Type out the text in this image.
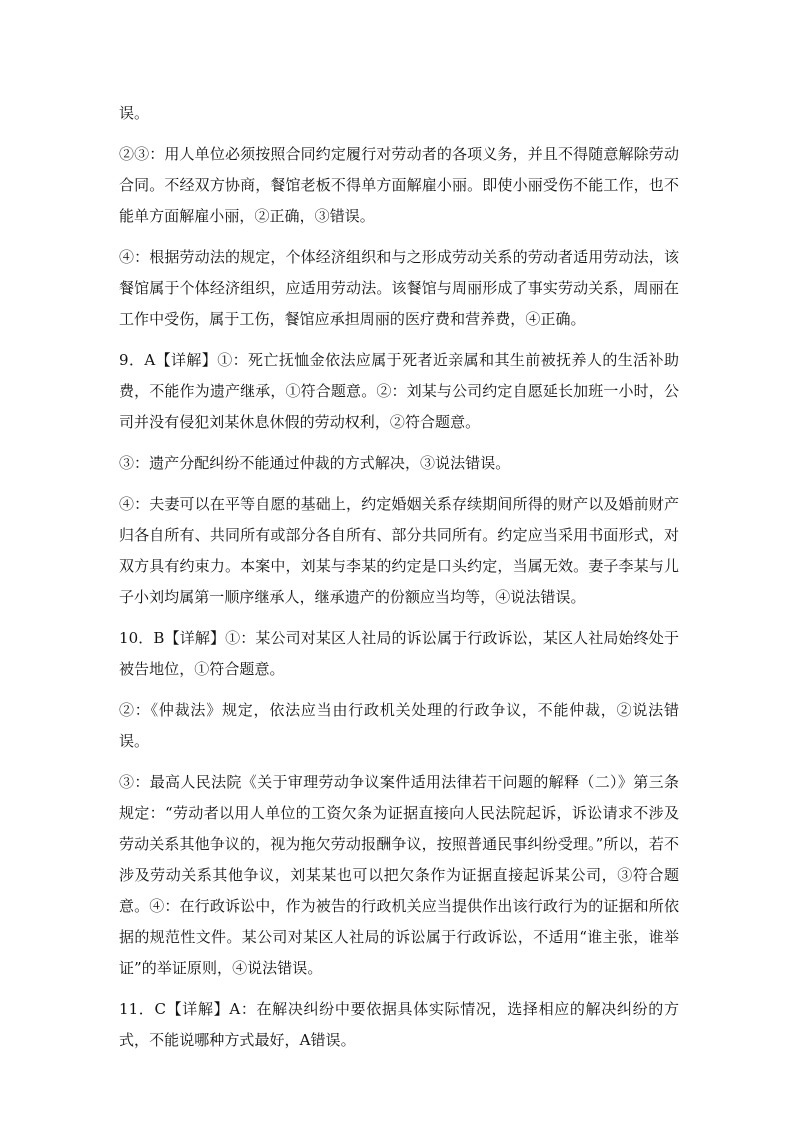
误。

②③：用人单位必须按照合同约定履行对劳动者的各项义务，并且不得随意解除劳动合同。不经双方协商，餐馆老板不得单方面解雇小丽。即使小丽受伤不能工作，也不能单方面解雇小丽，②正确，③错误。

④：根据劳动法的规定，个体经济组织和与之形成劳动关系的劳动者适用劳动法，该餐馆属于个体经济组织，应适用劳动法。该餐馆与周丽形成了事实劳动关系，周丽在工作中受伤，属于工伤，餐馆应承担周丽的医疗费和营养费，④正确。

9．A【详解】①：死亡抚恤金依法应属于死者近亲属和其生前被抚养人的生活补助费，不能作为遗产继承，①符合题意。②：刘某与公司约定自愿延长加班一小时，公司并没有侵犯刘某休息休假的劳动权利，②符合题意。

③：遗产分配纠纷不能通过仲裁的方式解决，③说法错误。

④：夫妻可以在平等自愿的基础上，约定婚姻关系存续期间所得的财产以及婚前财产归各自所有、共同所有或部分各自所有、部分共同所有。约定应当采用书面形式，对双方具有约束力。本案中，刘某与李某的约定是口头约定，当属无效。妻子李某与儿子小刘均属第一顺序继承人，继承遗产的份额应当均等，④说法错误。

10．B【详解】①：某公司对某区人社局的诉讼属于行政诉讼，某区人社局始终处于被告地位，①符合题意。

②：《仲裁法》规定，依法应当由行政机关处理的行政争议，不能仲裁，②说法错误。

③：最高人民法院《关于审理劳动争议案件适用法律若干问题的解释（二）》第三条规定：“劳动者以用人单位的工资欠条为证据直接向人民法院起诉，诉讼请求不涉及劳动关系其他争议的，视为拖欠劳动报酬争议，按照普通民事纠纷受理。”所以，若不涉及劳动关系其他争议，刘某某也可以把欠条作为证据直接起诉某公司，③符合题意。④：在行政诉讼中，作为被告的行政机关应当提供作出该行政行为的证据和所依据的规范性文件。某公司对某区人社局的诉讼属于行政诉讼，不适用“谁主张，谁举证”的举证原则，④说法错误。

11．C【详解】A：在解决纠纷中要依据具体实际情况，选择相应的解决纠纷的方式，不能说哪种方式最好，A错误。
